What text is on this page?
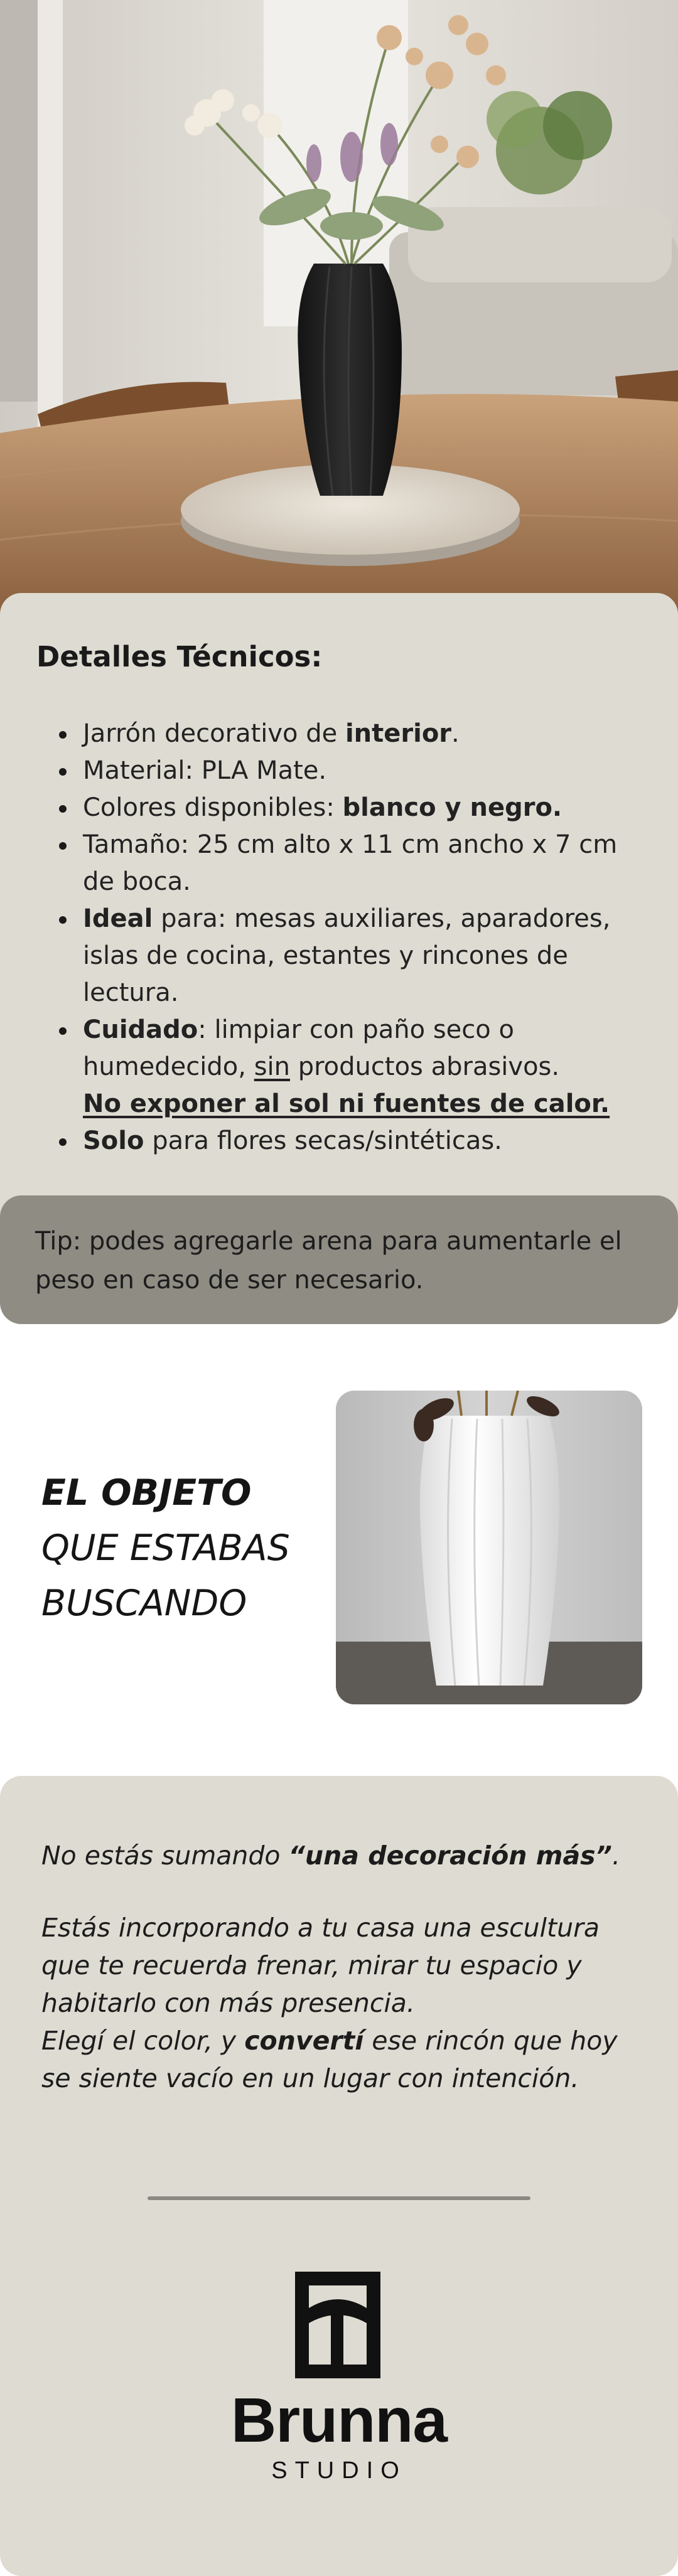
Detalles Técnicos:
Jarrón decorativo de interior.
Material: PLA Mate.
Colores disponibles: blanco y negro.
Tamaño: 25 cm alto x 11 cm ancho x 7 cm de boca.
Ideal para: mesas auxiliares, aparadores, islas de cocina, estantes y rincones de lectura.
Cuidado: limpiar con paño seco o humedecido, sin productos abrasivos.
No exponer al sol ni fuentes de calor.
Solo para flores secas/sintéticas.
Tip: podes agregarle arena para aumentarle el peso en caso de ser necesario.
EL OBJETO
QUE ESTABAS
BUSCANDO

No estás sumando “una decoración más”.

Estás incorporando a tu casa una escultura que te recuerda frenar, mirar tu espacio y habitarlo con más presencia.

Elegí el color, y convertí ese rincón que hoy se siente vacío en un lugar con intención.

Brunna
STUDIO
